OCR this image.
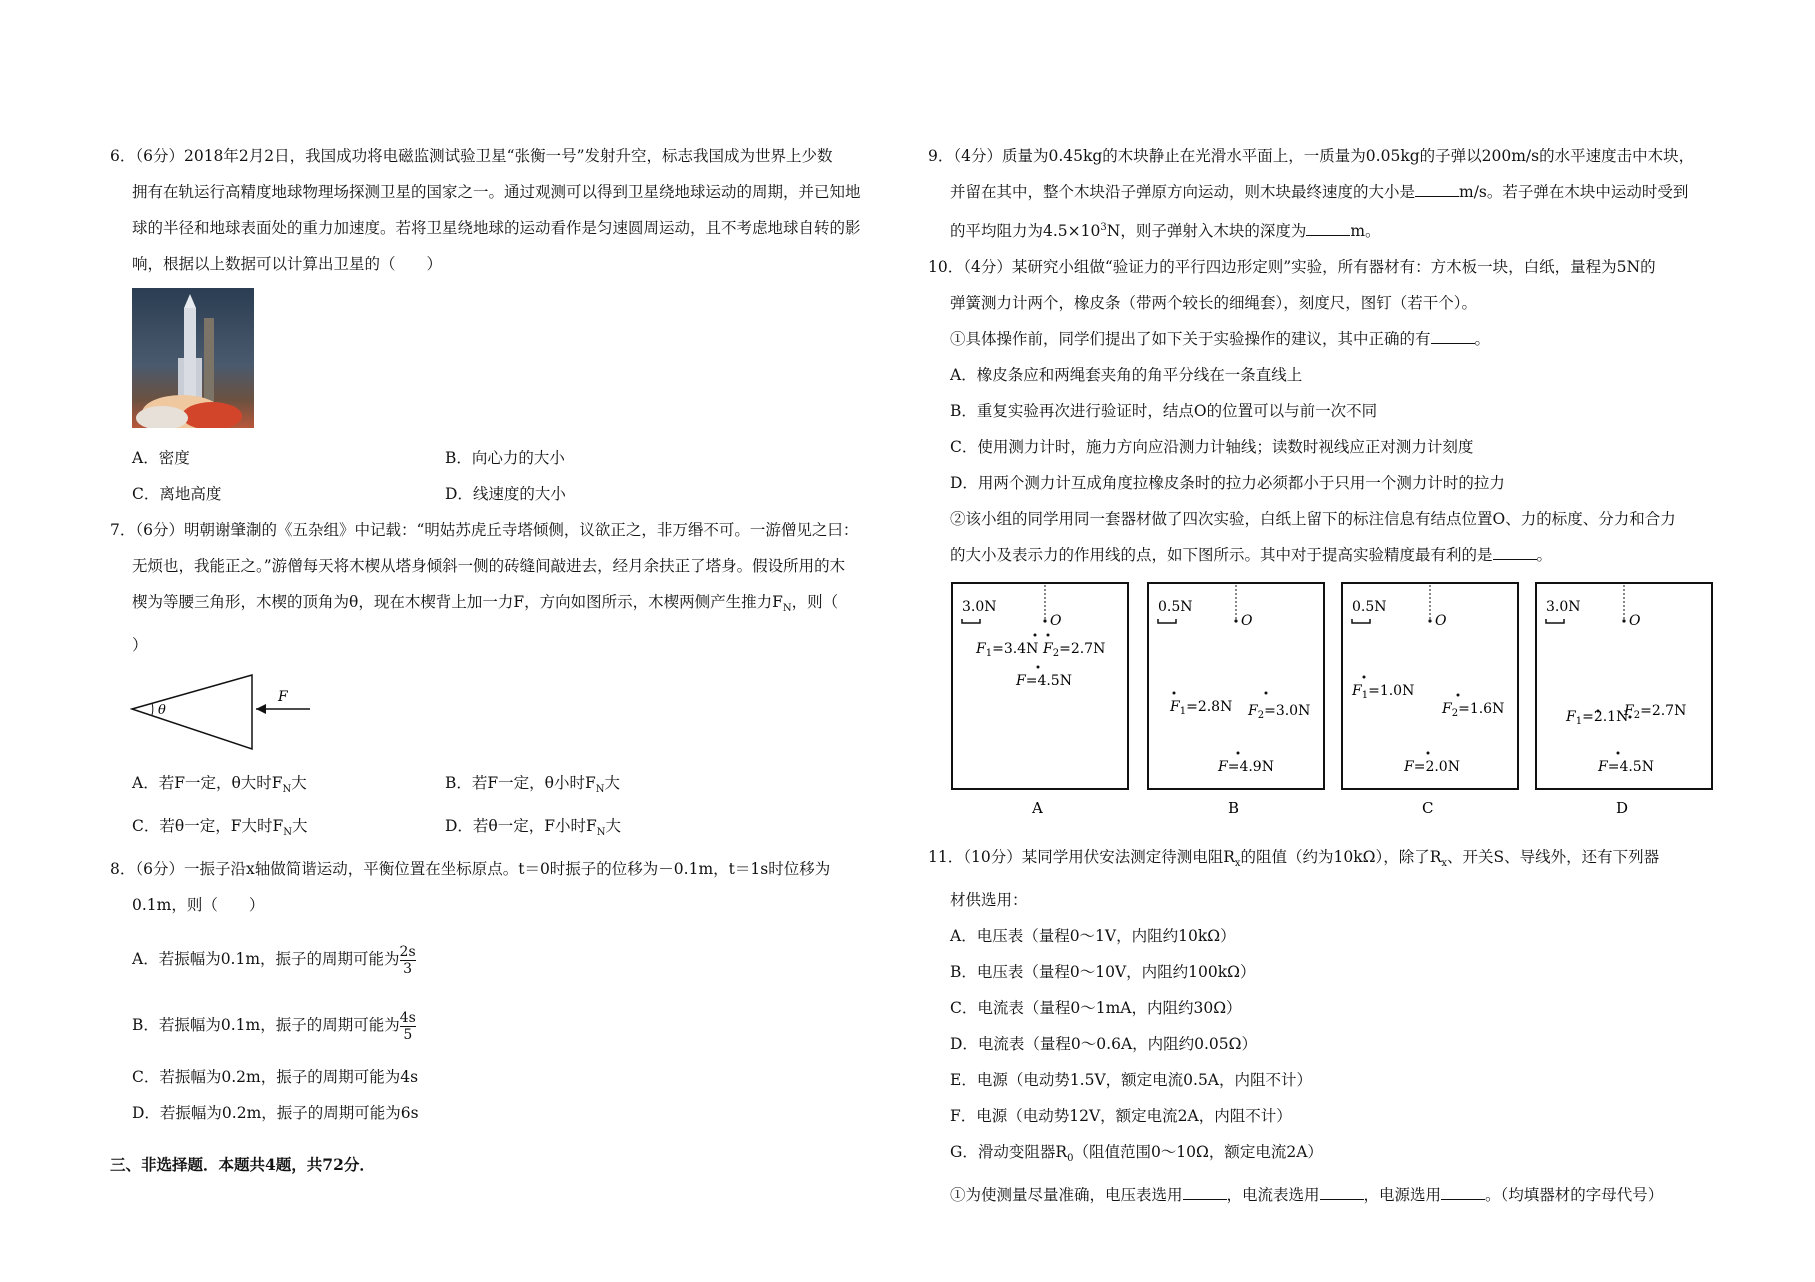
6．（6分）2018年2月2日，我国成功将电磁监测试验卫星“张衡一号”发射升空，标志我国成为世界上少数

拥有在轨运行高精度地球物理场探测卫星的国家之一。通过观测可以得到卫星绕地球运动的周期，并已知地

球的半径和地球表面处的重力加速度。若将卫星绕地球的运动看作是匀速圆周运动，且不考虑地球自转的影

响，根据以上数据可以计算出卫星的（　　）

A．密度	B．向心力的大小
C．离地高度	D．线速度的大小

7．（6分）明朝谢肇淛的《五杂组》中记载：“明姑苏虎丘寺塔倾侧，议欲正之，非万缗不可。一游僧见之曰：

无烦也，我能正之。”游僧每天将木楔从塔身倾斜一侧的砖缝间敲进去，经月余扶正了塔身。假设所用的木

楔为等腰三角形，木楔的顶角为θ，现在木楔背上加一力F，方向如图所示，木楔两侧产生推力$F_N$，则（

）

θ
F
A．若F一定，θ大时$F_N$大	B．若F一定，θ小时$F_N$大
C．若θ一定，F大时$F_N$大	D．若θ一定，F小时$F_N$大

8．（6分）一振子沿x轴做简谐运动，平衡位置在坐标原点。t＝0时振子的位移为－0.1m，t＝1s时位移为

0.1m，则（　　）

A．若振幅为0.1m，振子的周期可能为 $\frac{2s}{3}$

B．若振幅为0.1m，振子的周期可能为 $\frac{4s}{5}$

C．若振幅为0.2m，振子的周期可能为4s

D．若振幅为0.2m，振子的周期可能为6s

三、非选择题．本题共4题，共72分．

9．（4分）质量为0.45kg的木块静止在光滑水平面上，一质量为0.05kg的子弹以200m/s的水平速度击中木块，

并留在其中，整个木块沿子弹原方向运动，则木块最终速度的大小是	m/s。若子弹在木块中运动时受到

的平均阻力为$4.5\times 10^3N$，则子弹射入木块的深度为	m。

10．（4分）某研究小组做“验证力的平行四边形定则”实验，所有器材有：方木板一块，白纸，量程为5N的

弹簧测力计两个，橡皮条（带两个较长的细绳套），刻度尺，图钉（若干个）。

①具体操作前，同学们提出了如下关于实验操作的建议，其中正确的有	。

A．橡皮条应和两绳套夹角的角平分线在一条直线上

B．重复实验再次进行验证时，结点O的位置可以与前一次不同

C．使用测力计时，施力方向应沿测力计轴线；读数时视线应正对测力计刻度

D．用两个测力计互成角度拉橡皮条时的拉力必须都小于只用一个测力计时的拉力

②该小组的同学用同一套器材做了四次实验，白纸上留下的标注信息有结点位置O、力的标度、分力和合力

的大小及表示力的作用线的点，如下图所示。其中对于提高实验精度最有利的是	。

3.0N
O
$F_1=3.4N$ $F_2=2.7N$
F=4.5N
A
0.5N
O
$F_1=2.8N$ $F_2=3.0N$
F=4.9N
B
0.5N
O
$F_1=1.0N$
$F_2=1.6N$
F=2.0N
C
3.0N
O
$F_1=2.1N$
$F_2=2.7N$
F=4.5N
D

11．（10分）某同学用伏安法测定待测电阻$R_x$的阻值（约为10kΩ），除了$R_x$、开关S、导线外，还有下列器

材供选用：

A．电压表（量程0～1V，内阻约10kΩ）

B．电压表（量程0～10V，内阻约100kΩ）

C．电流表（量程0～1mA，内阻约30Ω）

D．电流表（量程0～0.6A，内阻约0.05Ω）

E．电源（电动势1.5V，额定电流0.5A，内阻不计）

F．电源（电动势12V，额定电流2A，内阻不计）

G．滑动变阻器$R_0$（阻值范围0～10Ω，额定电流2A）

①为使测量尽量准确，电压表选用	，电流表选用	，电源选用	。（均填器材的字母代号）
